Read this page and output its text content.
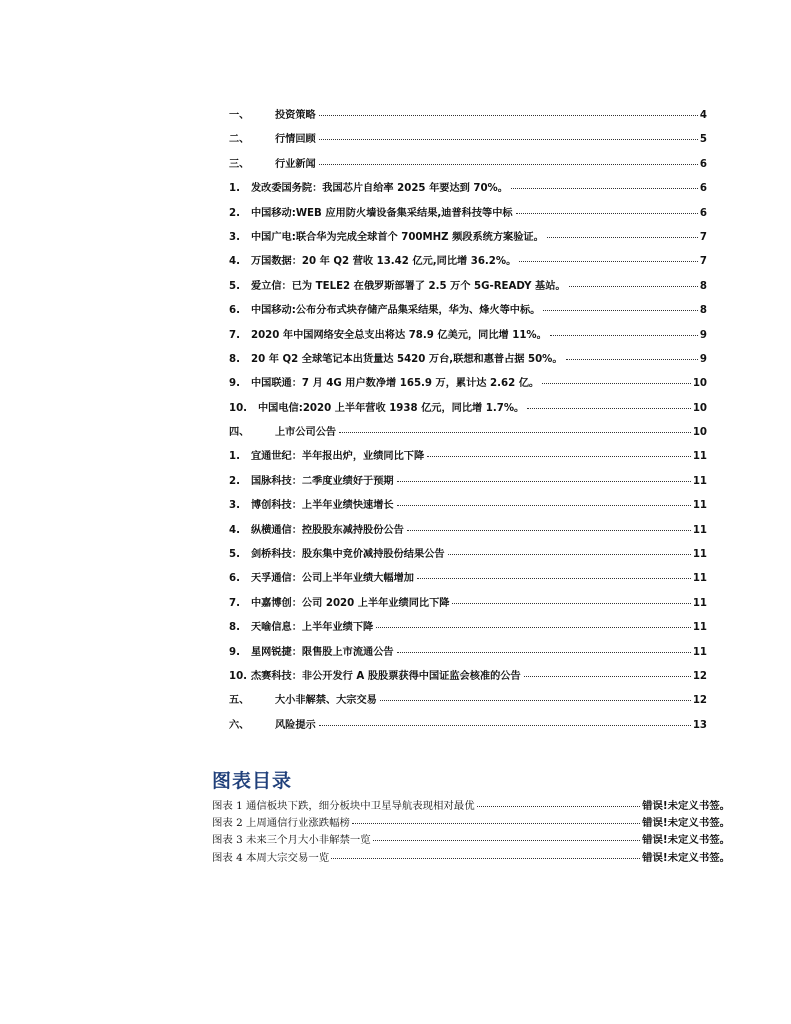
一、	投资策略	4
二、	行情回顾	5
三、	行业新闻	6
1.	发改委国务院：我国芯片自给率 2025 年要达到 70%。	6
2.	中国移动:WEB 应用防火墙设备集采结果,迪普科技等中标	6
3.	中国广电:联合华为完成全球首个 700MHZ 频段系统方案验证。	7
4.	万国数据：20 年 Q2 营收 13.42 亿元,同比增 36.2%。	7
5.	爱立信：已为 TELE2 在俄罗斯部署了 2.5 万个 5G-READY 基站。	8
6.	中国移动:公布分布式块存储产品集采结果，华为、烽火等中标。	8
7.	2020 年中国网络安全总支出将达 78.9 亿美元，同比增 11%。	9
8.	20 年 Q2 全球笔记本出货量达 5420 万台,联想和惠普占据 50%。	9
9.	中国联通：7 月 4G 用户数净增 165.9 万，累计达 2.62 亿。	10
10.	中国电信:2020 上半年营收 1938 亿元，同比增 1.7%。	10
四、	上市公司公告	10
1.	宜通世纪：半年报出炉，业绩同比下降	11
2.	国脉科技：二季度业绩好于预期	11
3.	博创科技：上半年业绩快速增长	11
4.	纵横通信：控股股东减持股份公告	11
5.	剑桥科技：股东集中竞价减持股份结果公告	11
6.	天孚通信：公司上半年业绩大幅增加	11
7.	中嘉博创：公司 2020 上半年业绩同比下降	11
8.	天喻信息：上半年业绩下降	11
9.	星网锐捷：限售股上市流通公告	11
10. 杰赛科技：非公开发行 A 股股票获得中国证监会核准的公告	12
五、	大小非解禁、大宗交易	12
六、	风险提示	13
图表目录
图表 1 通信板块下跌，细分板块中卫星导航表现相对最优	错误!未定义书签。
图表 2 上周通信行业涨跌幅榜	错误!未定义书签。
图表 3 未来三个月大小非解禁一览	错误!未定义书签。
图表 4 本周大宗交易一览	错误!未定义书签。
